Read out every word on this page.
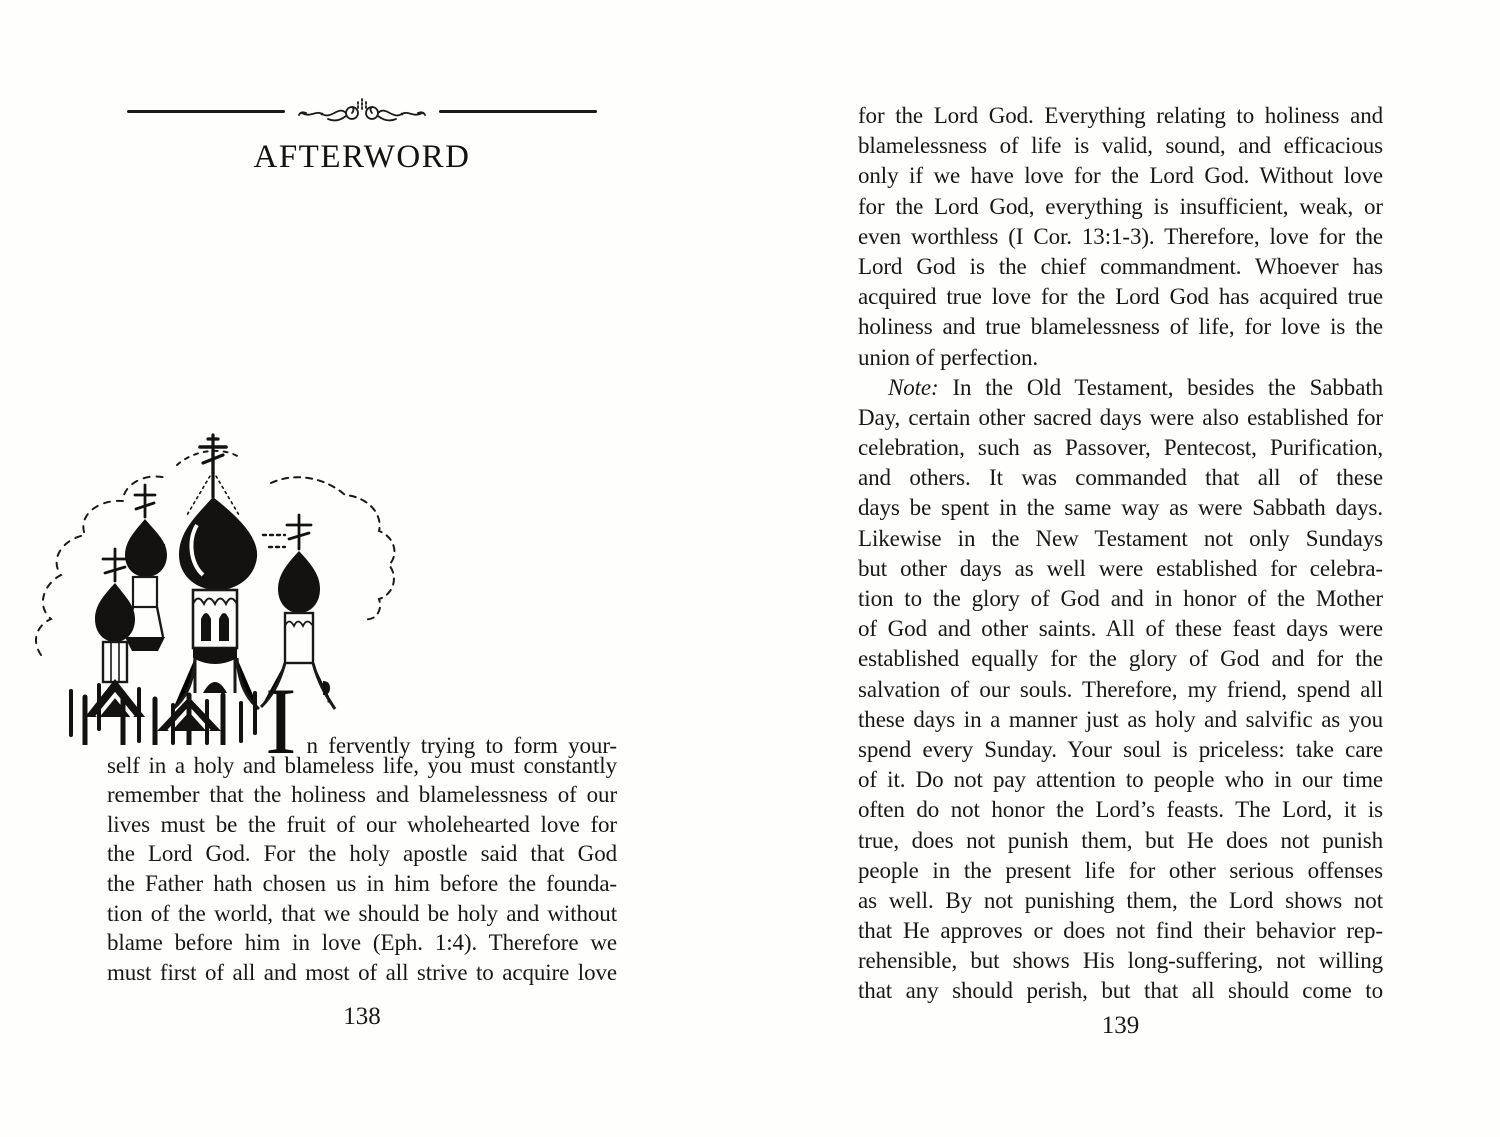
AFTERWORD
In fervently trying to form your-
self in a holy and blameless life, you must constantly
remember that the holiness and blamelessness of our
lives must be the fruit of our wholehearted love for
the Lord God. For the holy apostle said that God
the Father hath chosen us in him before the founda-
tion of the world, that we should be holy and without
blame before him in love (Eph. 1:4). Therefore we
must first of all and most of all strive to acquire love
138
for the Lord God. Everything relating to holiness and
blamelessness of life is valid, sound, and efficacious
only if we have love for the Lord God. Without love
for the Lord God, everything is insufficient, weak, or
even worthless (I Cor. 13:1-3). Therefore, love for the
Lord God is the chief commandment. Whoever has
acquired true love for the Lord God has acquired true
holiness and true blamelessness of life, for love is the
union of perfection.
Note: In the Old Testament, besides the Sabbath
Day, certain other sacred days were also established for
celebration, such as Passover, Pentecost, Purification,
and others. It was commanded that all of these
days be spent in the same way as were Sabbath days.
Likewise in the New Testament not only Sundays
but other days as well were established for celebra-
tion to the glory of God and in honor of the Mother
of God and other saints. All of these feast days were
established equally for the glory of God and for the
salvation of our souls. Therefore, my friend, spend all
these days in a manner just as holy and salvific as you
spend every Sunday. Your soul is priceless: take care
of it. Do not pay attention to people who in our time
often do not honor the Lord’s feasts. The Lord, it is
true, does not punish them, but He does not punish
people in the present life for other serious offenses
as well. By not punishing them, the Lord shows not
that He approves or does not find their behavior rep-
rehensible, but shows His long-suffering, not willing
that any should perish, but that all should come to
139
